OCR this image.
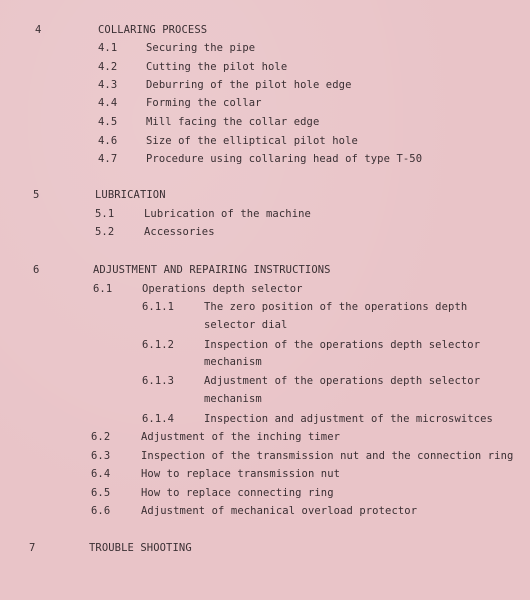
4	COLLARING PROCESS
4.1	Securing the pipe
4.2	Cutting the pilot hole
4.3	Deburring of the pilot hole edge
4.4	Forming the collar
4.5	Mill facing the collar edge
4.6	Size of the elliptical pilot hole
4.7	Procedure using collaring head of type T-50
5	LUBRICATION
5.1	Lubrication of the machine
5.2	Accessories
6	ADJUSTMENT AND REPAIRING INSTRUCTIONS
6.1	Operations depth selector
6.1.1	The zero position of the operations depth
selector dial
6.1.2	Inspection of the operations depth selector
mechanism
6.1.3	Adjustment of the operations depth selector
mechanism
6.1.4	Inspection and adjustment of the microswitces
6.2	Adjustment of the inching timer
6.3	Inspection of the transmission nut and the connection ring
6.4	How to replace transmission nut
6.5	How to replace connecting ring
6.6	Adjustment of mechanical overload protector
7	TROUBLE SHOOTING
